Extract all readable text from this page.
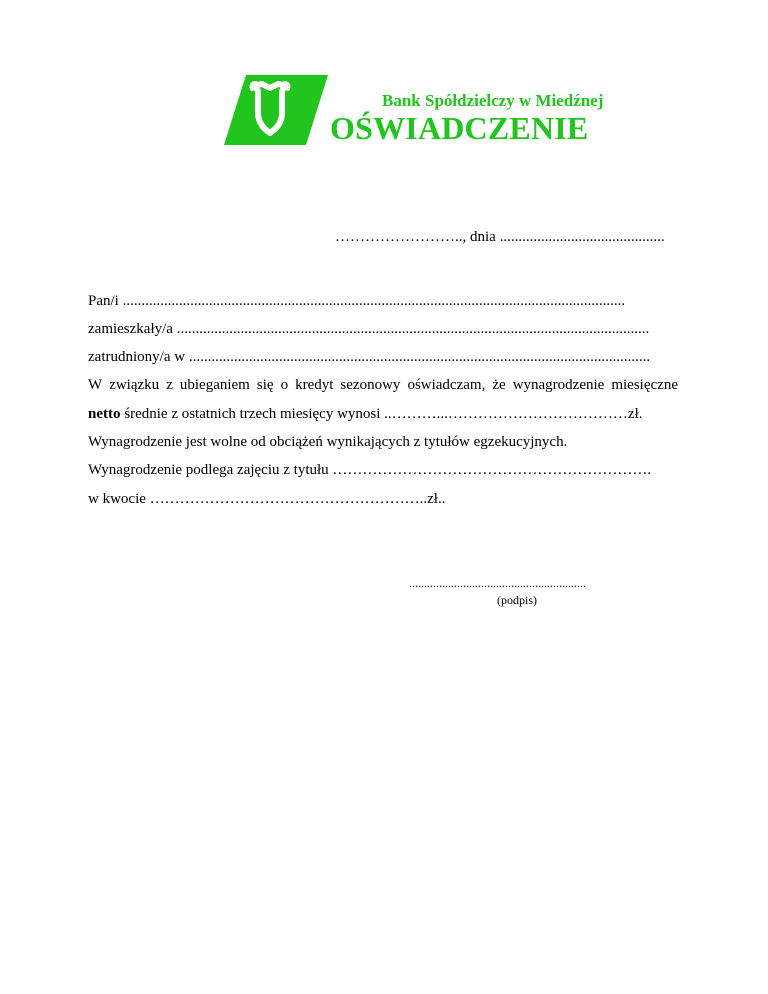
Bank Spółdzielczy w Miedźnej
OŚWIADCZENIE
…………………….., dnia ............................................
Pan/i ......................................................................................................................................
zamieszkały/a ..............................................................................................................................
zatrudniony/a w ...........................................................................................................................
W związku z ubieganiem się o kredyt sezonowy oświadczam, że wynagrodzenie miesięczne
netto średnie z ostatnich trzech miesięcy wynosi ..………...………………………………zł.
Wynagrodzenie jest wolne od obciążeń wynikających z tytułów egzekucyjnych.
Wynagrodzenie podlega zajęciu z tytułu ……………………………………………………….
w kwocie ………………………………………………..zł..
...........................................................
(podpis)
